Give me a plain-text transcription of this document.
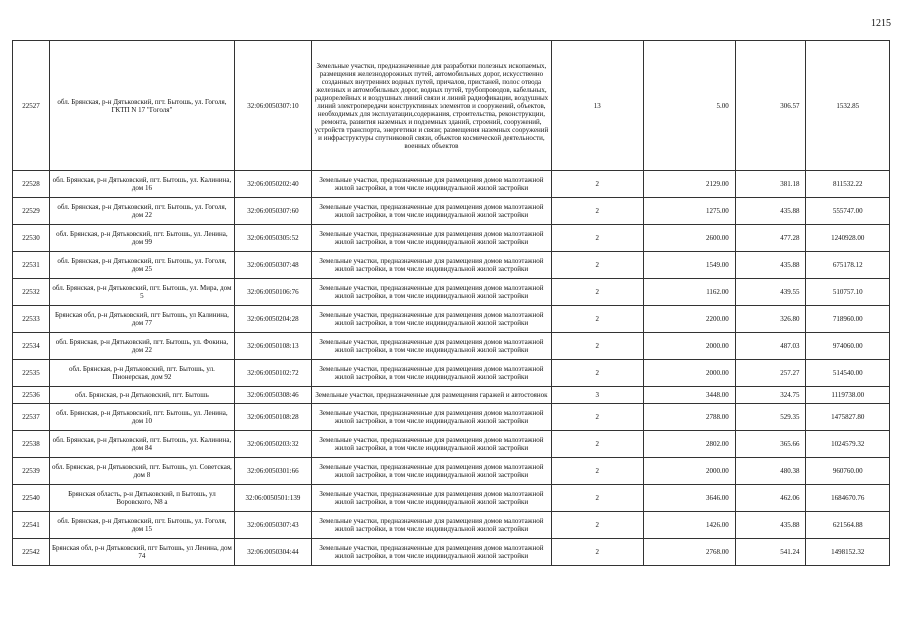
1215
22527	обл. Брянская, р-н Дятьковский, пгт. Бытошь, ул. Гоголя, ГКТП N 17 "Гоголя"	32:06:0050307:10	Земельные участки, предназначенные для разработки полезных ископаемых, размещения железнодорожных путей, автомобильных дорог, искусственно созданных внутренних водных путей, причалов, пристаней, полос отвода железных и автомобильных дорог, водных путей, трубопроводов, кабельных, радиорелейных и воздушных линий связи и линий радиофикации, воздушных линий электропередачи конструктивных элементов и сооружений, объектов, необходимых для эксплуатации,содержания, строительства, реконструкции, ремонта, развития наземных и подземных зданий, строений, сооружений, устройств транспорта, энергетики и связи; размещения наземных сооружений и инфраструктуры спутниковой связи, объектов космической деятельности, военных объектов	13	5.00	306.57	1532.85
22528	обл. Брянская, р-н Дятьковский, пгт. Бытошь, ул. Калинина, дом 16	32:06:0050202:40	Земельные участки, предназначенные для размещения домов малоэтажной жилой застройки, в том числе индивидуальной жилой застройки	2	2129.00	381.18	811532.22
22529	обл. Брянская, р-н Дятьковский, пгт. Бытошь, ул. Гоголя, дом 22	32:06:0050307:60	Земельные участки, предназначенные для размещения домов малоэтажной жилой застройки, в том числе индивидуальной жилой застройки	2	1275.00	435.88	555747.00
22530	обл. Брянская, р-н Дятьковский, пгт. Бытошь, ул. Ленина, дом 99	32:06:0050305:52	Земельные участки, предназначенные для размещения домов малоэтажной жилой застройки, в том числе индивидуальной жилой застройки	2	2600.00	477.28	1240928.00
22531	обл. Брянская, р-н Дятьковский, пгт. Бытошь, ул. Гоголя, дом 25	32:06:0050307:48	Земельные участки, предназначенные для размещения домов малоэтажной жилой застройки, в том числе индивидуальной жилой застройки	2	1549.00	435.88	675178.12
22532	обл. Брянская, р-н Дятьковский, пгт. Бытошь, ул. Мира, дом 5	32:06:0050106:76	Земельные участки, предназначенные для размещения домов малоэтажной жилой застройки, в том числе индивидуальной жилой застройки	2	1162.00	439.55	510757.10
22533	Брянская обл, р-н Дятьковский, пгт Бытошь, ул Калинина, дом 77	32:06:0050204:28	Земельные участки, предназначенные для размещения домов малоэтажной жилой застройки, в том числе индивидуальной жилой застройки	2	2200.00	326.80	718960.00
22534	обл. Брянская, р-н Дятьковский, пгт. Бытошь, ул. Фокина, дом 22	32:06:0050108:13	Земельные участки, предназначенные для размещения домов малоэтажной жилой застройки, в том числе индивидуальной жилой застройки	2	2000.00	487.03	974060.00
22535	обл. Брянская, р-н Дятьковский, пгт. Бытошь, ул. Пионерская, дом 92	32:06:0050102:72	Земельные участки, предназначенные для размещения домов малоэтажной жилой застройки, в том числе индивидуальной жилой застройки	2	2000.00	257.27	514540.00
22536	обл. Брянская, р-н Дятьковский, пгт. Бытошь	32:06:0050308:46	Земельные участки, предназначенные для размещения гаражей и автостоянок	3	3448.00	324.75	1119738.00
22537	обл. Брянская, р-н Дятьковский, пгт. Бытошь, ул. Ленина, дом 10	32:06:0050108:28	Земельные участки, предназначенные для размещения домов малоэтажной жилой застройки, в том числе индивидуальной жилой застройки	2	2788.00	529.35	1475827.80
22538	обл. Брянская, р-н Дятьковский, пгт. Бытошь, ул. Калинина, дом 84	32:06:0050203:32	Земельные участки, предназначенные для размещения домов малоэтажной жилой застройки, в том числе индивидуальной жилой застройки	2	2802.00	365.66	1024579.32
22539	обл. Брянская, р-н Дятьковский, пгт. Бытошь, ул. Советская, дом 8	32:06:0050301:66	Земельные участки, предназначенные для размещения домов малоэтажной жилой застройки, в том числе индивидуальной жилой застройки	2	2000.00	480.38	960760.00
22540	Брянская область, р-н Дятьковский, п Бытошь, ул Воровского, N8 а	32:06:0050501:139	Земельные участки, предназначенные для размещения домов малоэтажной жилой застройки, в том числе индивидуальной жилой застройки	2	3646.00	462.06	1684670.76
22541	обл. Брянская, р-н Дятьковский, пгт. Бытошь, ул. Гоголя, дом 15	32:06:0050307:43	Земельные участки, предназначенные для размещения домов малоэтажной жилой застройки, в том числе индивидуальной жилой застройки	2	1426.00	435.88	621564.88
22542	Брянская обл, р-н Дятьковский, пгт Бытошь, ул Ленина, дом 74	32:06:0050304:44	Земельные участки, предназначенные для размещения домов малоэтажной жилой застройки, в том числе индивидуальной жилой застройки	2	2768.00	541.24	1498152.32
